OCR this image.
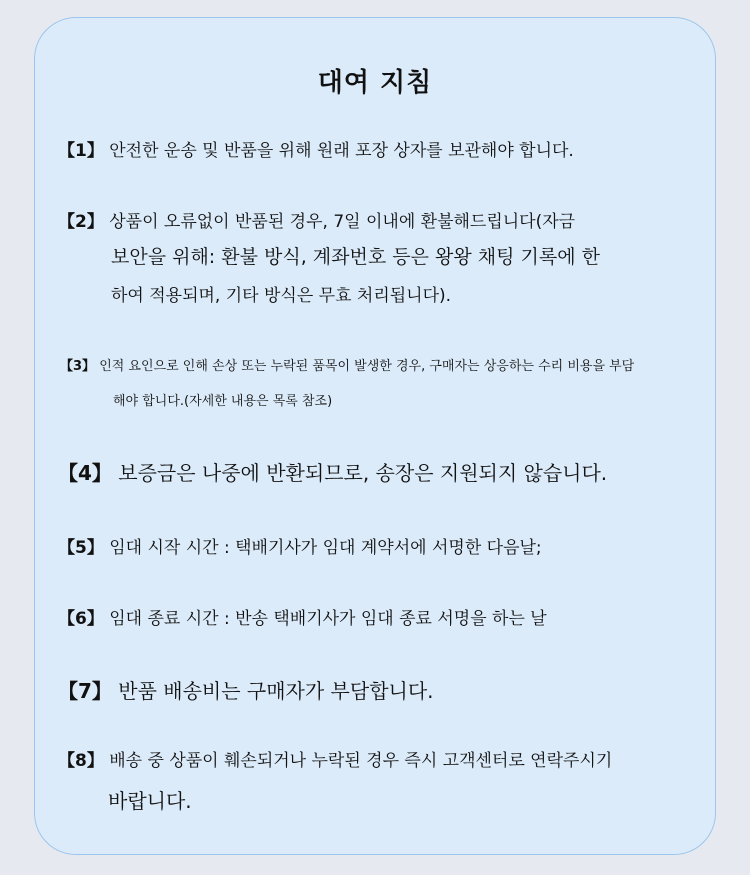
대여 지침
【1】 안전한 운송 및 반품을 위해 원래 포장 상자를 보관해야 합니다.
【2】 상품이 오류없이 반품된 경우, 7일 이내에 환불해드립니다(자금
보안을 위해: 환불 방식, 계좌번호 등은 왕왕 채팅 기록에 한
하여 적용되며, 기타 방식은 무효 처리됩니다).
【3】 인적 요인으로 인해 손상 또는 누락된 품목이 발생한 경우, 구매자는 상응하는 수리 비용을 부담
해야 합니다.(자세한 내용은 목록 참조)
【4】 보증금은 나중에 반환되므로, 송장은 지원되지 않습니다.
【5】 임대 시작 시간 : 택배기사가 임대 계약서에 서명한 다음날;
【6】 임대 종료 시간 : 반송 택배기사가 임대 종료 서명을 하는 날
【7】 반품 배송비는 구매자가 부담합니다.
【8】 배송 중 상품이 훼손되거나 누락된 경우 즉시 고객센터로 연락주시기
바랍니다.
